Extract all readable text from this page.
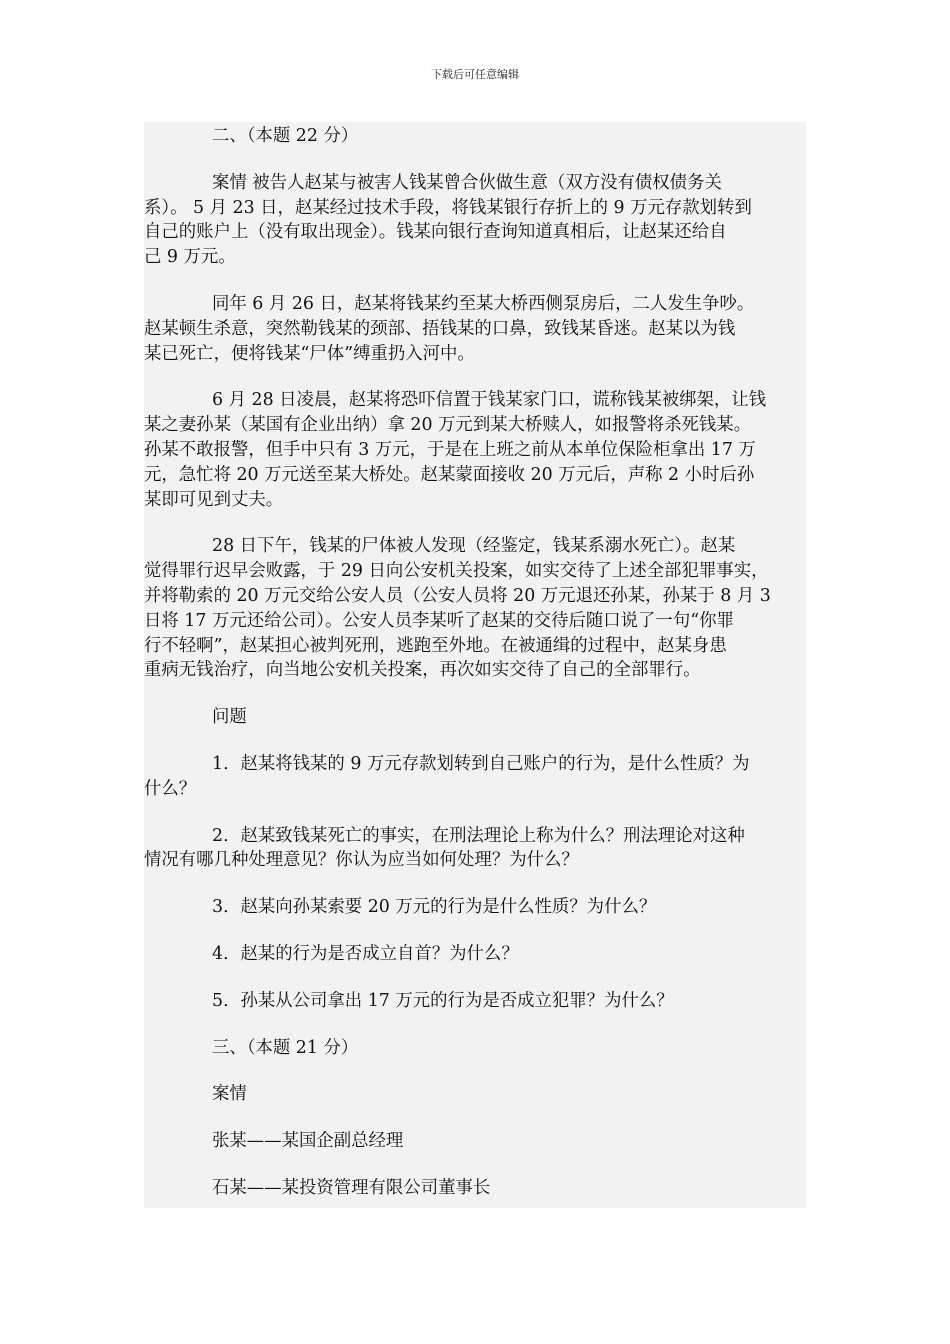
下载后可任意编辑
二、（本题 22 分）
案情 被告人赵某与被害人钱某曾合伙做生意（双方没有债权债务关
系）。 5 月 23 日，赵某经过技术手段，将钱某银行存折上的 9 万元存款划转到
自己的账户上（没有取出现金）。钱某向银行查询知道真相后，让赵某还给自
己 9 万元。
同年 6 月 26 日，赵某将钱某约至某大桥西侧泵房后，二人发生争吵。
赵某顿生杀意，突然勒钱某的颈部、捂钱某的口鼻，致钱某昏迷。赵某以为钱
某已死亡，便将钱某“尸体”缚重扔入河中。
6 月 28 日凌晨，赵某将恐吓信置于钱某家门口，谎称钱某被绑架，让钱
某之妻孙某（某国有企业出纳）拿 20 万元到某大桥赎人，如报警将杀死钱某。
孙某不敢报警，但手中只有 3 万元，于是在上班之前从本单位保险柜拿出 17 万
元，急忙将 20 万元送至某大桥处。赵某蒙面接收 20 万元后，声称 2 小时后孙
某即可见到丈夫。
28 日下午，钱某的尸体被人发现（经鉴定，钱某系溺水死亡）。赵某
觉得罪行迟早会败露，于 29 日向公安机关投案，如实交待了上述全部犯罪事实，
并将勒索的 20 万元交给公安人员（公安人员将 20 万元退还孙某，孙某于 8 月 3
日将 17 万元还给公司）。公安人员李某听了赵某的交待后随口说了一句“你罪
行不轻啊”，赵某担心被判死刑，逃跑至外地。在被通缉的过程中，赵某身患
重病无钱治疗，向当地公安机关投案，再次如实交待了自己的全部罪行。
问题
1．赵某将钱某的 9 万元存款划转到自己账户的行为，是什么性质？为
什么？
2．赵某致钱某死亡的事实，在刑法理论上称为什么？刑法理论对这种
情况有哪几种处理意见？你认为应当如何处理？为什么？
3．赵某向孙某索要 20 万元的行为是什么性质？为什么？
4．赵某的行为是否成立自首？为什么？
5．孙某从公司拿出 17 万元的行为是否成立犯罪？为什么？
三、（本题 21 分）
案情
张某——某国企副总经理
石某——某投资管理有限公司董事长
